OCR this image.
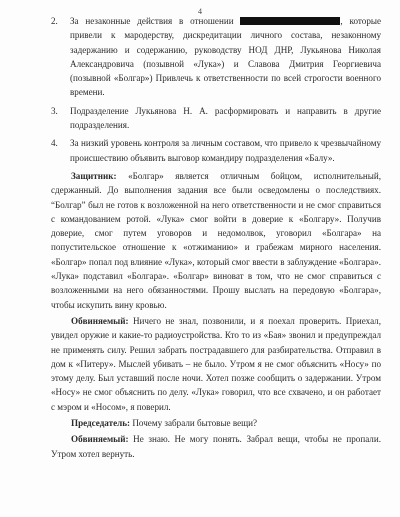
4
2. За незаконные действия в отношении	, которые привели к мародерству, дискредитации личного состава, незаконному задержанию и содержанию, руководству НОД ДНР, Лукьянова Николая Александровича (позывной «Лука») и Славова Дмитрия Георгиевича (позывной «Болгар») Привлечь к ответственности по всей строгости военного времени.
3. Подразделение Лукьянова Н. А. расформировать и направить в другие подразделения.
4. За низкий уровень контроля за личным составом, что привело к чрезвычайному происшествию объявить выговор командиру подразделения «Балу».

Защитник: «Болгар» является отличным бойцом, исполнительный, сдержанный. До выполнения задания все были осведомлены о последствиях. “Болгар” был не готов к возложенной на него ответственности и не смог справиться с командованием ротой. «Лука» смог войти в доверие к «Болгару». Получив доверие, смог путем уговоров и недомолвок, уговорил «Болгара» на попустительское отношение к «отжиманию» и грабежам мирного населения. «Болгар» попал под влияние «Лука», который смог ввести в заблуждение «Болгара». «Лука» подставил «Болгара». «Болгар» виноват в том, что не смог справиться с возложенными на него обязанностями. Прошу выслать на передовую «Болгара», чтобы искупить вину кровью.

Обвиняемый: Ничего не знал, позвонили, и я поехал проверить. Приехал, увидел оружие и какие-то радиоустройства. Кто то из «Бая» звонил и предупреждал не применять силу. Решил забрать пострадавшего для разбирательства. Отправил в дом к «Питеру». Мыслей убивать – не было. Утром я не смог объяснить «Носу» по этому делу. Был уставший после ночи. Хотел позже сообщить о задержании. Утром «Носу» не смог объяснить по делу. «Лука» говорил, что все схвачено, и он работает с мэром и «Носом», я поверил.

Председатель: Почему забрали бытовые вещи?

Обвиняемый: Не знаю. Не могу понять. Забрал вещи, чтобы не пропали. Утром хотел вернуть.
